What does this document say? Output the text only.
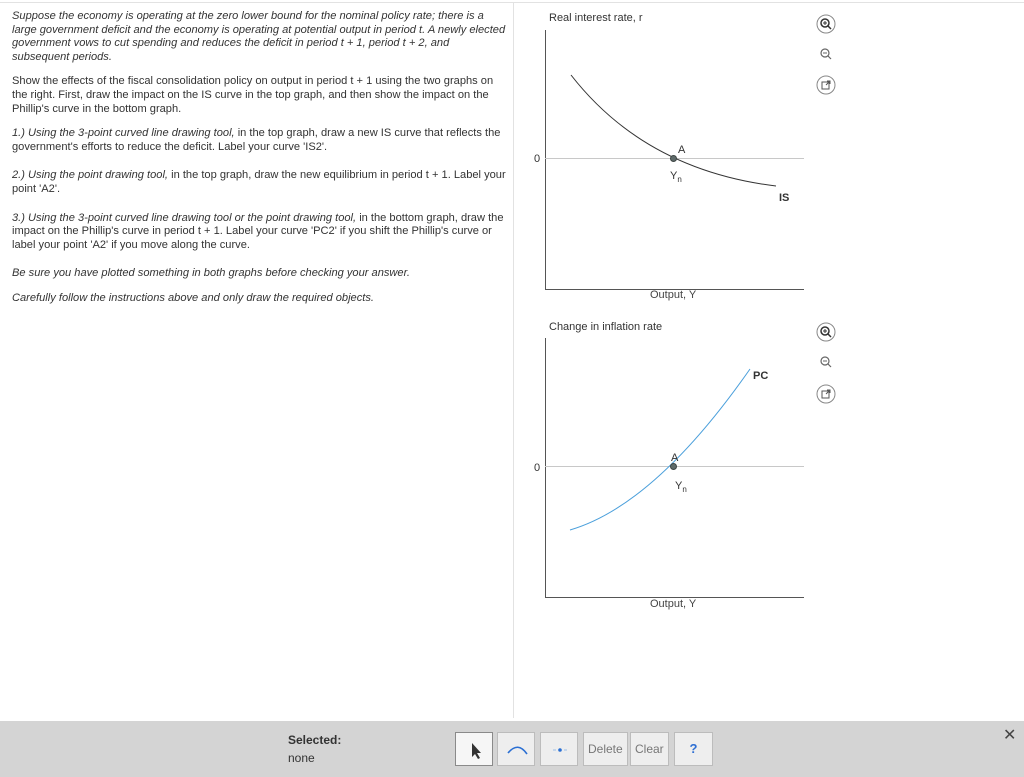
Suppose the economy is operating at the zero lower bound for the nominal policy rate; there is a large government deficit and the economy is operating at potential output in period t. A newly elected government vows to cut spending and reduces the deficit in period t + 1, period t + 2, and subsequent periods.

Show the effects of the fiscal consolidation policy on output in period t + 1 using the two graphs on the right. First, draw the impact on the IS curve in the top graph, and then show the impact on the Phillip's curve in the bottom graph.

1.) Using the 3-point curved line drawing tool, in the top graph, draw a new IS curve that reflects the government's efforts to reduce the deficit. Label your curve 'IS2'.

2.) Using the point drawing tool, in the top graph, draw the new equilibrium in period t + 1. Label your point 'A2'.

3.) Using the 3-point curved line drawing tool or the point drawing tool, in the bottom graph, draw the impact on the Phillip's curve in period t + 1. Label your curve 'PC2' if you shift the Phillip's curve or label your point 'A2' if you move along the curve.

Be sure you have plotted something in both graphs before checking your answer.

Carefully follow the instructions above and only draw the required objects.

Real interest rate, r
0
Output, Y
A
$Y_n$
IS
Change in inflation rate
0
Output, Y
A
$Y_n$
PC
Selected:
none
Delete	Clear	?
✕
